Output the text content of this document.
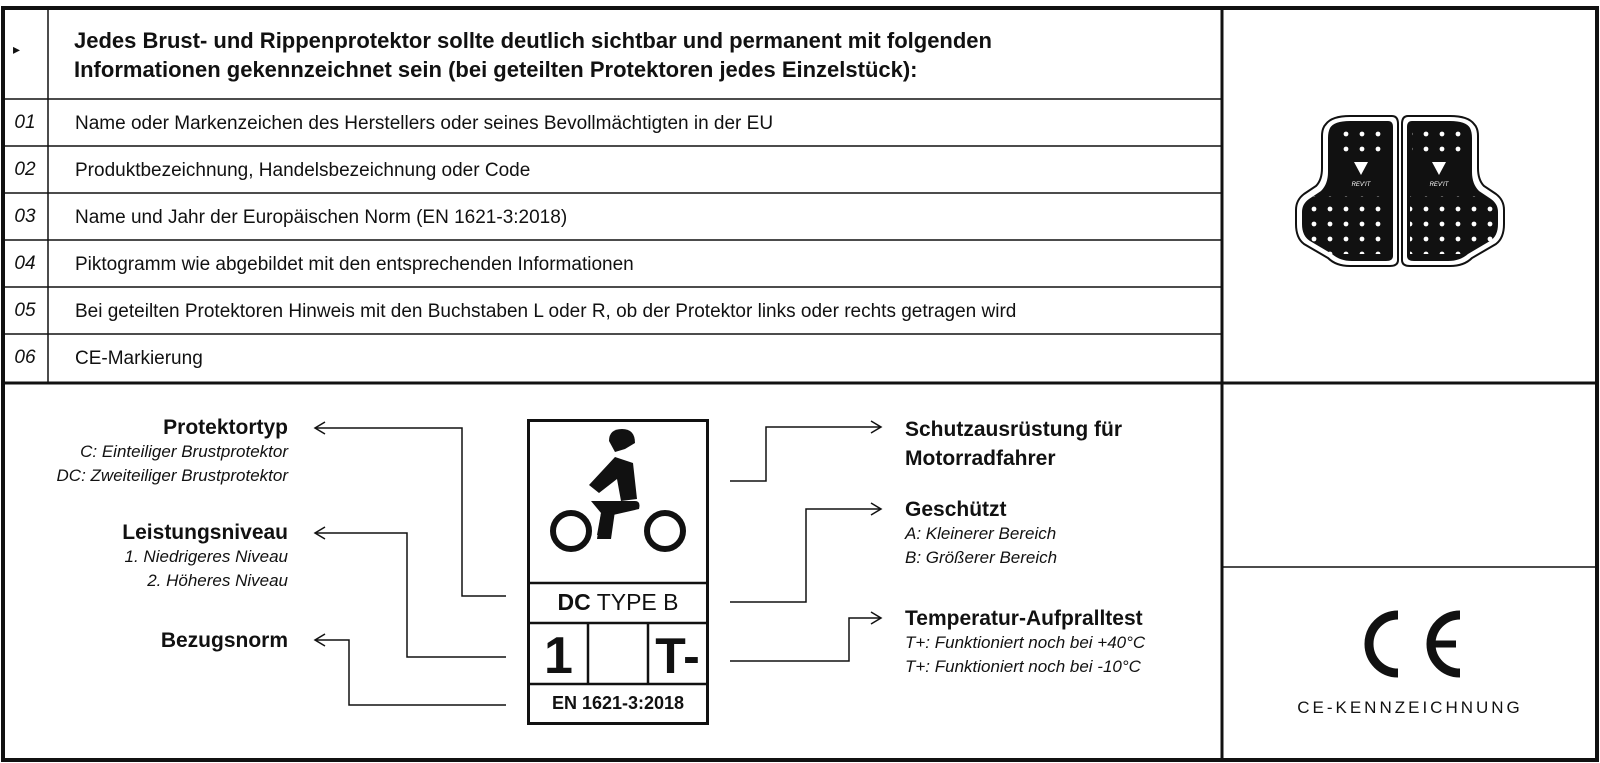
▸ Jedes Brust- und Rippenprotektor sollte deutlich sichtbar und permanent mit folgenden
Informationen gekennzeichnet sein (bei geteilten Protektoren jedes Einzelstück):
01	Name oder Markenzeichen des Herstellers oder seines Bevollmächtigten in der EU
02	Produktbezeichnung, Handelsbezeichnung oder Code
03	Name und Jahr der Europäischen Norm (EN 1621-3:2018)
04	Piktogramm wie abgebildet mit den entsprechenden Informationen
05	Bei geteilten Protektoren Hinweis mit den Buchstaben L oder R, ob der Protektor links oder rechts getragen wird
06	CE-Markierung
REV'IT	REV'IT
DC TYPE B
1	T-
EN 1621-3:2018
Protektortyp
C: Einteiliger Brustprotektor
DC: Zweiteiliger Brustprotektor
Leistungsniveau
1. Niedrigeres Niveau
2. Höheres Niveau
Bezugsnorm
Schutzausrüstung für
Motorradfahrer
Geschützt
A: Kleinerer Bereich
B: Größerer Bereich
Temperatur-Aufpralltest
T+: Funktioniert noch bei +40°C
T+: Funktioniert noch bei -10°C
CE-KENNZEICHNUNG
